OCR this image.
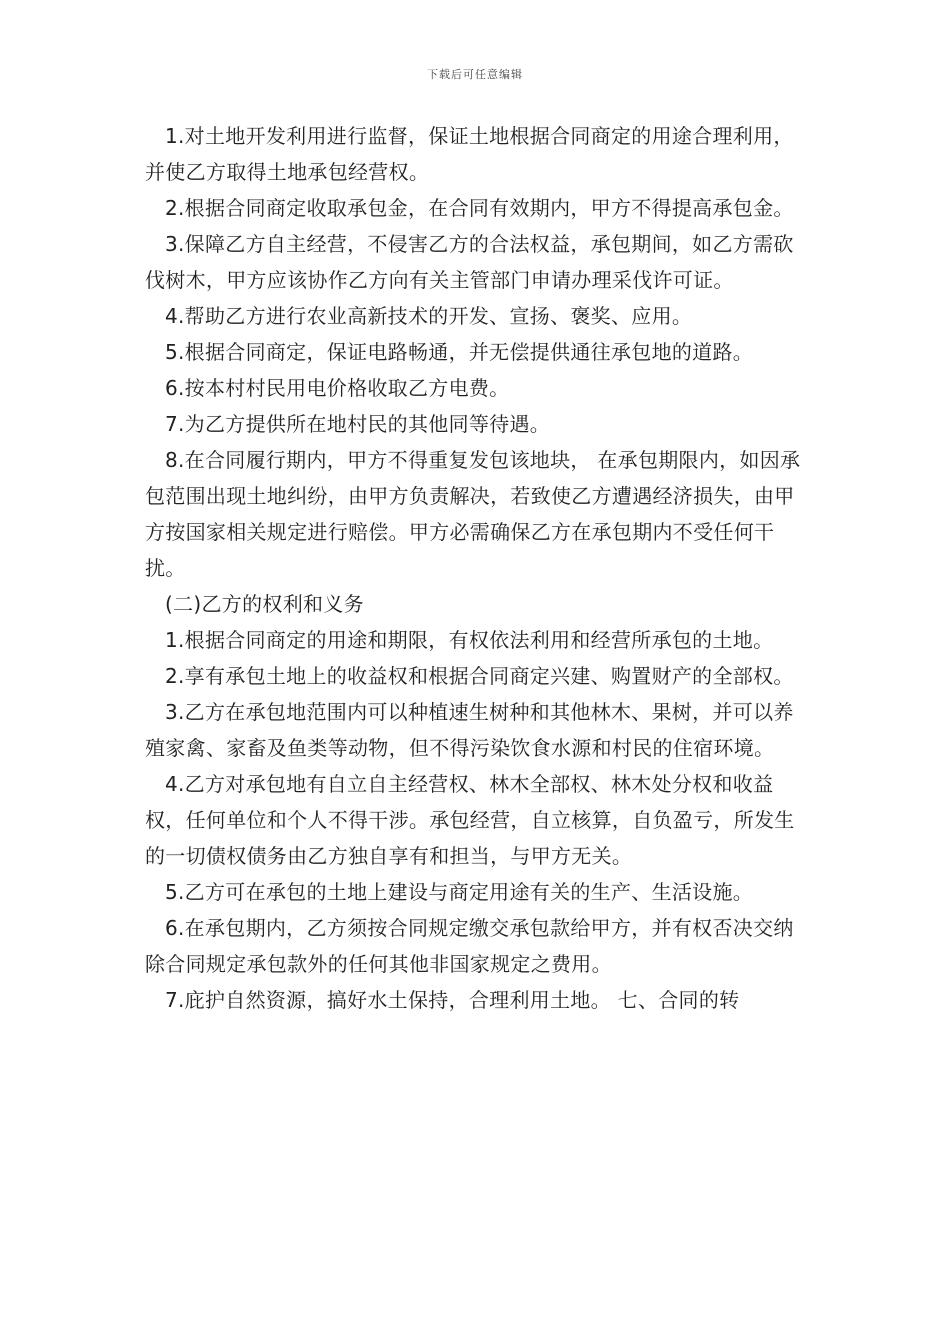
下载后可任意编辑

1.对土地开发利用进行监督，保证土地根据合同商定的用途合理利用，并使乙方取得土地承包经营权。

2.根据合同商定收取承包金，在合同有效期内，甲方不得提高承包金。

3.保障乙方自主经营，不侵害乙方的合法权益，承包期间，如乙方需砍伐树木，甲方应该协作乙方向有关主管部门申请办理采伐许可证。

4.帮助乙方进行农业高新技术的开发、宣扬、褒奖、应用。

5.根据合同商定，保证电路畅通，并无偿提供通往承包地的道路。

6.按本村村民用电价格收取乙方电费。

7.为乙方提供所在地村民的其他同等待遇。

8.在合同履行期内，甲方不得重复发包该地块， 在承包期限内，如因承包范围出现土地纠纷，由甲方负责解决，若致使乙方遭遇经济损失，由甲方按国家相关规定进行赔偿。甲方必需确保乙方在承包期内不受任何干扰。

(二)乙方的权利和义务

1.根据合同商定的用途和期限，有权依法利用和经营所承包的土地。

2.享有承包土地上的收益权和根据合同商定兴建、购置财产的全部权。

3.乙方在承包地范围内可以种植速生树种和其他林木、果树，并可以养殖家禽、家畜及鱼类等动物，但不得污染饮食水源和村民的住宿环境。

4.乙方对承包地有自立自主经营权、林木全部权、林木处分权和收益权，任何单位和个人不得干涉。承包经营，自立核算，自负盈亏，所发生的一切债权债务由乙方独自享有和担当，与甲方无关。

5.乙方可在承包的土地上建设与商定用途有关的生产、生活设施。

6.在承包期内，乙方须按合同规定缴交承包款给甲方，并有权否决交纳除合同规定承包款外的任何其他非国家规定之费用。

7.庇护自然资源，搞好水土保持，合理利用土地。 七、合同的转
